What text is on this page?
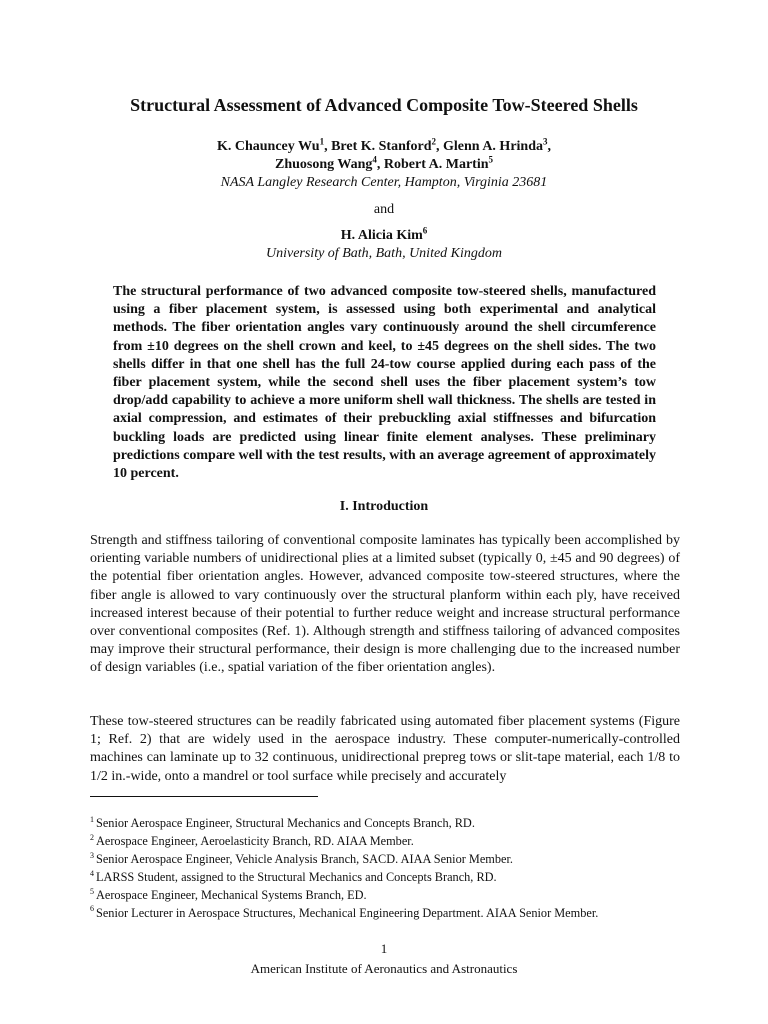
Structural Assessment of Advanced Composite Tow-Steered Shells
K. Chauncey Wu$^1$, Bret K. Stanford$^2$, Glenn A. Hrinda$^3$,
Zhuosong Wang$^4$, Robert A. Martin$^5$
NASA Langley Research Center, Hampton, Virginia 23681
and
H. Alicia Kim$^6$
University of Bath, Bath, United Kingdom

The structural performance of two advanced composite tow-steered shells, manufactured using a fiber placement system, is assessed using both experimental and analytical methods. The fiber orientation angles vary continuously around the shell circumference from ±10 degrees on the shell crown and keel, to ±45 degrees on the shell sides. The two shells differ in that one shell has the full 24-tow course applied during each pass of the fiber placement system, while the second shell uses the fiber placement system’s tow drop/add capability to achieve a more uniform shell wall thickness. The shells are tested in axial compression, and estimates of their prebuckling axial stiffnesses and bifurcation buckling loads are predicted using linear finite element analyses. These preliminary predictions compare well with the test results, with an average agreement of approximately 10 percent.

I. Introduction

Strength and stiffness tailoring of conventional composite laminates has typically been accomplished by orienting variable numbers of unidirectional plies at a limited subset (typically 0, ±45 and 90 degrees) of the potential fiber orientation angles. However, advanced composite tow-steered structures, where the fiber angle is allowed to vary continuously over the structural planform within each ply, have received increased interest because of their potential to further reduce weight and increase structural performance over conventional composites (Ref. 1). Although strength and stiffness tailoring of advanced composites may improve their structural performance, their design is more challenging due to the increased number of design variables (i.e., spatial variation of the fiber orientation angles).

These tow-steered structures can be readily fabricated using automated fiber placement systems (Figure 1; Ref. 2) that are widely used in the aerospace industry. These computer-numerically-controlled machines can laminate up to 32 continuous, unidirectional prepreg tows or slit-tape material, each 1/8 to 1/2 in.-wide, onto a mandrel or tool surface while precisely and accurately

$^1$ Senior Aerospace Engineer, Structural Mechanics and Concepts Branch, RD.
$^2$ Aerospace Engineer, Aeroelasticity Branch, RD. AIAA Member.
$^3$ Senior Aerospace Engineer, Vehicle Analysis Branch, SACD. AIAA Senior Member.
$^4$ LARSS Student, assigned to the Structural Mechanics and Concepts Branch, RD.
$^5$ Aerospace Engineer, Mechanical Systems Branch, ED.
$^6$ Senior Lecturer in Aerospace Structures, Mechanical Engineering Department. AIAA Senior Member.
1
American Institute of Aeronautics and Astronautics
